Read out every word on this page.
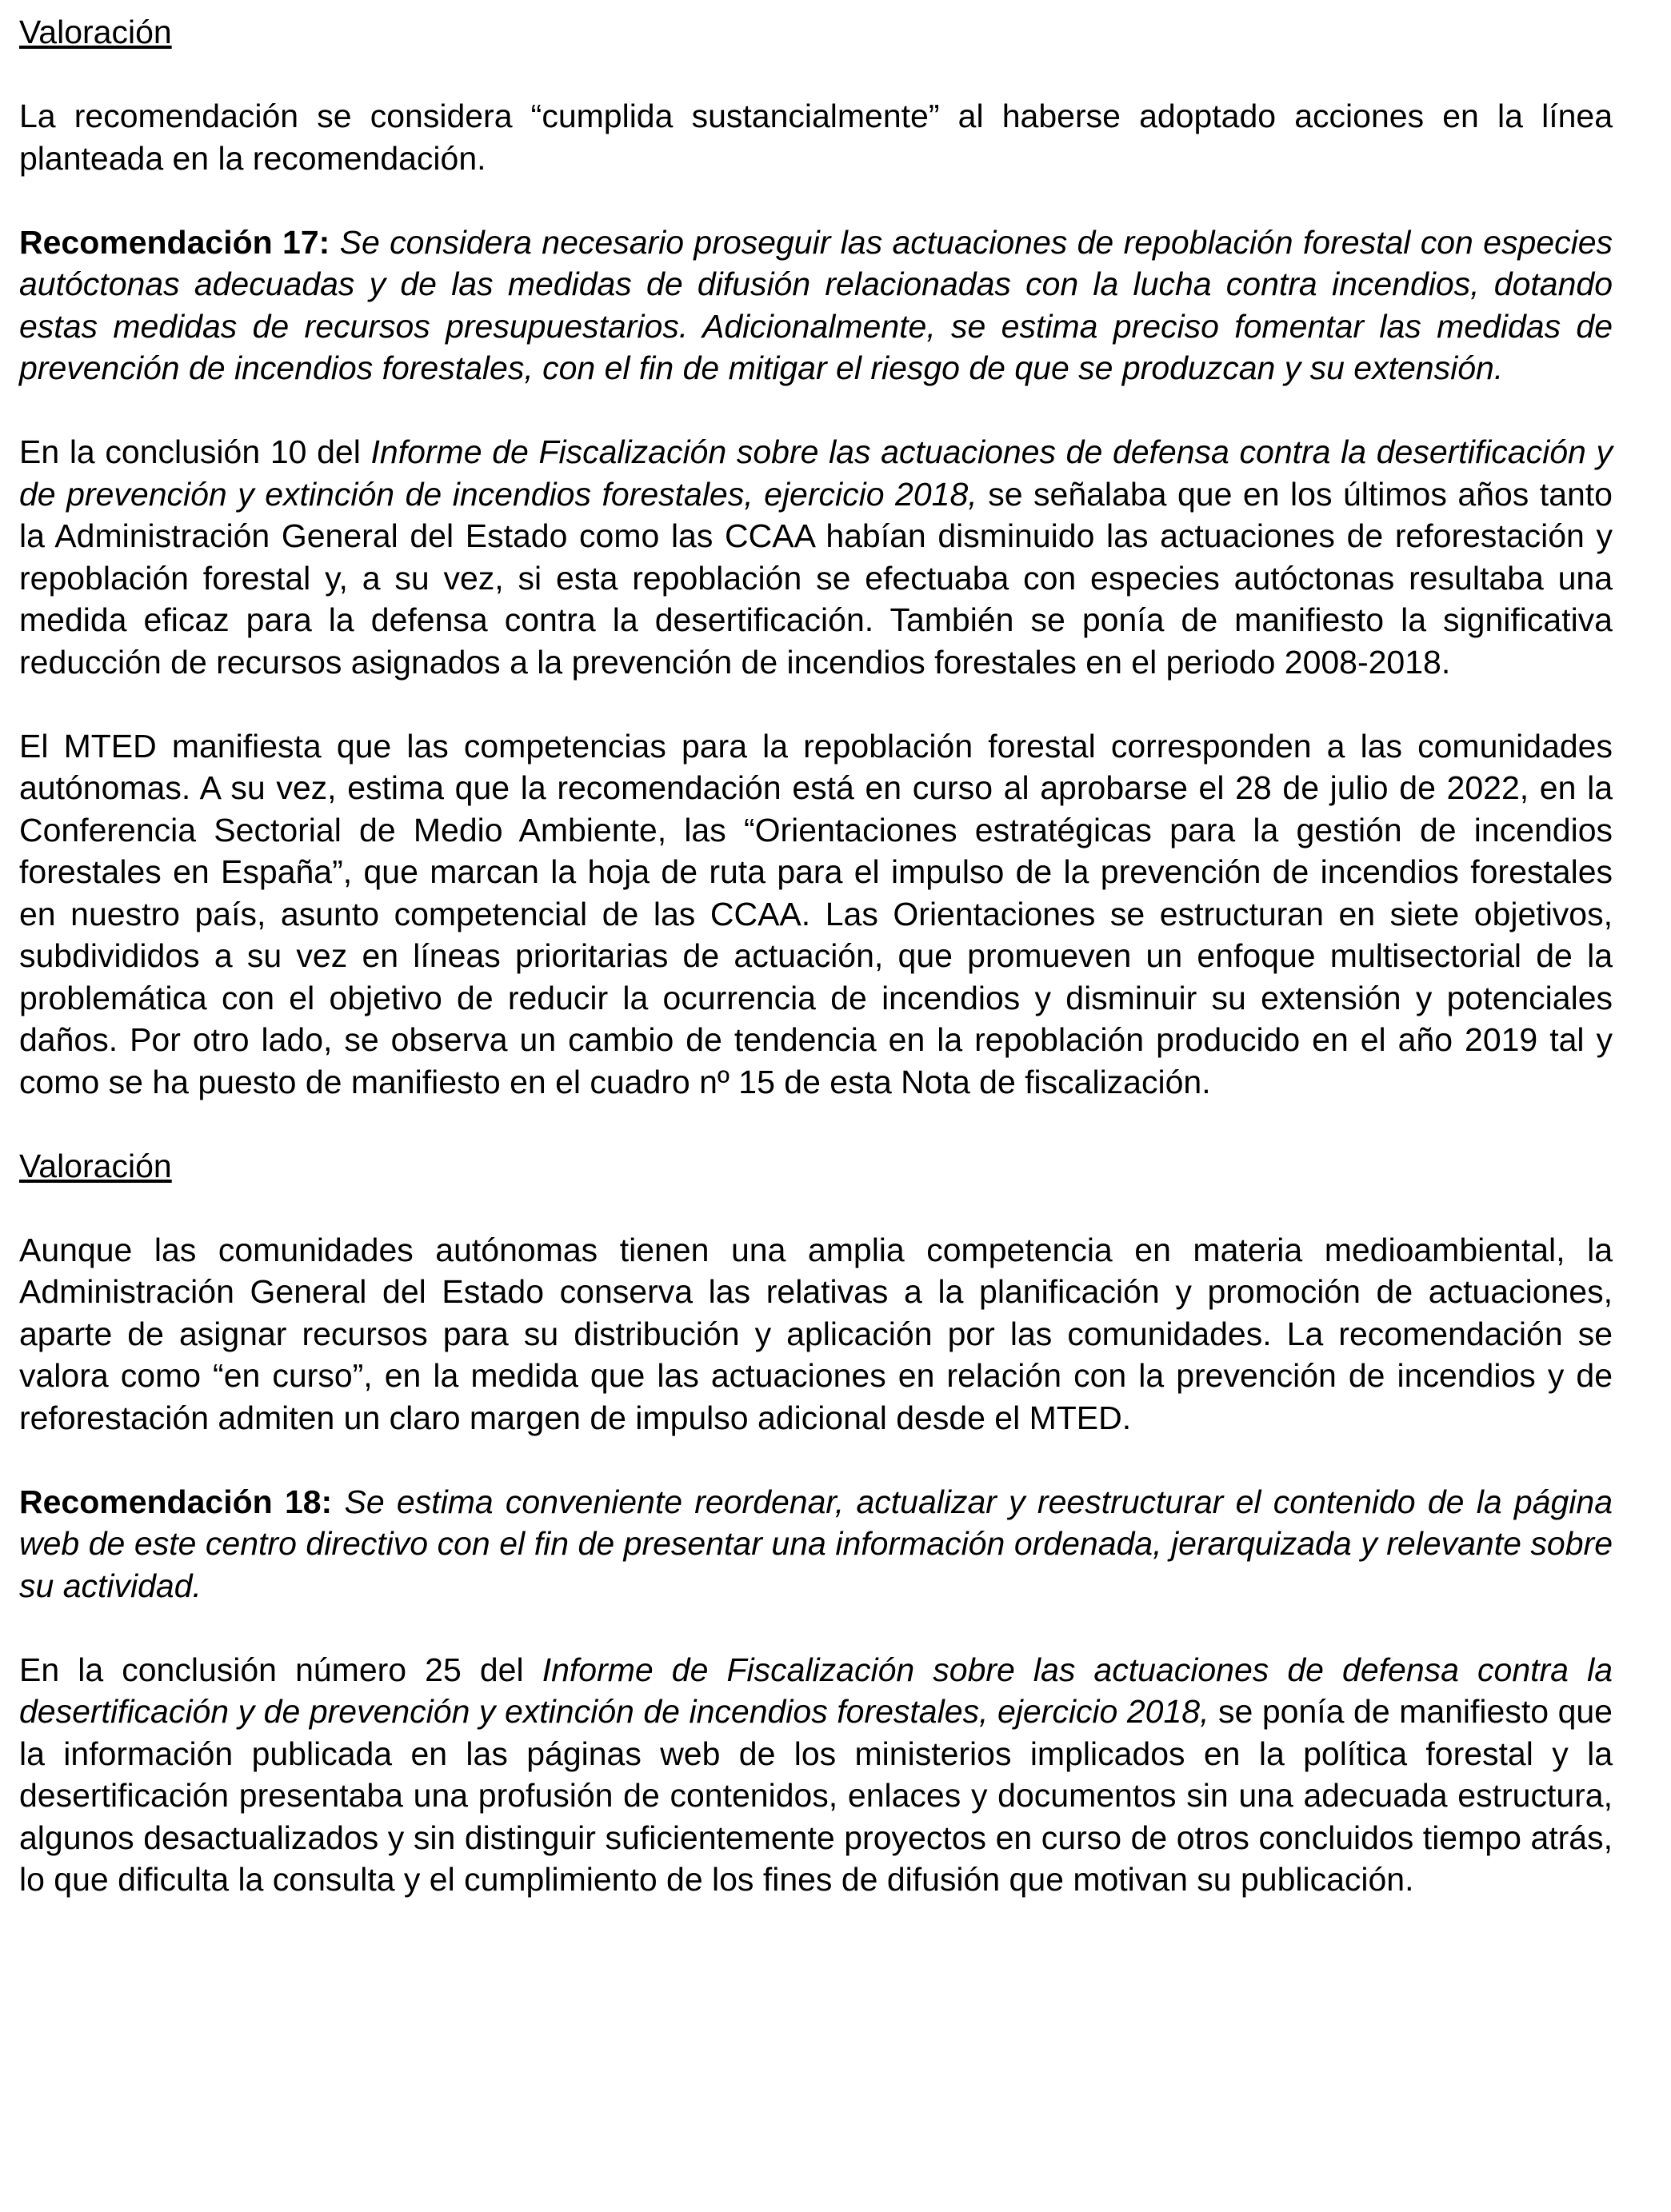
Valoración
La recomendación se considera “cumplida sustancialmente” al haberse adoptado acciones en la línea planteada en la recomendación.
Recomendación 17: Se considera necesario proseguir las actuaciones de repoblación forestal con especies autóctonas adecuadas y de las medidas de difusión relacionadas con la lucha contra incendios, dotando estas medidas de recursos presupuestarios. Adicionalmente, se estima preciso fomentar las medidas de prevención de incendios forestales, con el fin de mitigar el riesgo de que se produzcan y su extensión.
En la conclusión 10 del Informe de Fiscalización sobre las actuaciones de defensa contra la desertificación y de prevención y extinción de incendios forestales, ejercicio 2018, se señalaba que en los últimos años tanto la Administración General del Estado como las CCAA habían disminuido las actuaciones de reforestación y repoblación forestal y, a su vez, si esta repoblación se efectuaba con especies autóctonas resultaba una medida eficaz para la defensa contra la desertificación. También se ponía de manifiesto la significativa reducción de recursos asignados a la prevención de incendios forestales en el periodo 2008-2018.
El MTED manifiesta que las competencias para la repoblación forestal corresponden a las comunidades autónomas. A su vez, estima que la recomendación está en curso al aprobarse el 28 de julio de 2022, en la Conferencia Sectorial de Medio Ambiente, las “Orientaciones estratégicas para la gestión de incendios forestales en España”, que marcan la hoja de ruta para el impulso de la prevención de incendios forestales en nuestro país, asunto competencial de las CCAA. Las Orientaciones se estructuran en siete objetivos, subdivididos a su vez en líneas prioritarias de actuación, que promueven un enfoque multisectorial de la problemática con el objetivo de reducir la ocurrencia de incendios y disminuir su extensión y potenciales daños. Por otro lado, se observa un cambio de tendencia en la repoblación producido en el año 2019 tal y como se ha puesto de manifiesto en el cuadro nº 15 de esta Nota de fiscalización.
Valoración
Aunque las comunidades autónomas tienen una amplia competencia en materia medioambiental, la Administración General del Estado conserva las relativas a la planificación y promoción de actuaciones, aparte de asignar recursos para su distribución y aplicación por las comunidades. La recomendación se valora como “en curso”, en la medida que las actuaciones en relación con la prevención de incendios y de reforestación admiten un claro margen de impulso adicional desde el MTED.
Recomendación 18: Se estima conveniente reordenar, actualizar y reestructurar el contenido de la página web de este centro directivo con el fin de presentar una información ordenada, jerarquizada y relevante sobre su actividad.
En la conclusión número 25 del Informe de Fiscalización sobre las actuaciones de defensa contra la desertificación y de prevención y extinción de incendios forestales, ejercicio 2018, se ponía de manifiesto que la información publicada en las páginas web de los ministerios implicados en la política forestal y la desertificación presentaba una profusión de contenidos, enlaces y documentos sin una adecuada estructura, algunos desactualizados y sin distinguir suficientemente proyectos en curso de otros concluidos tiempo atrás, lo que dificulta la consulta y el cumplimiento de los fines de difusión que motivan su publicación.
